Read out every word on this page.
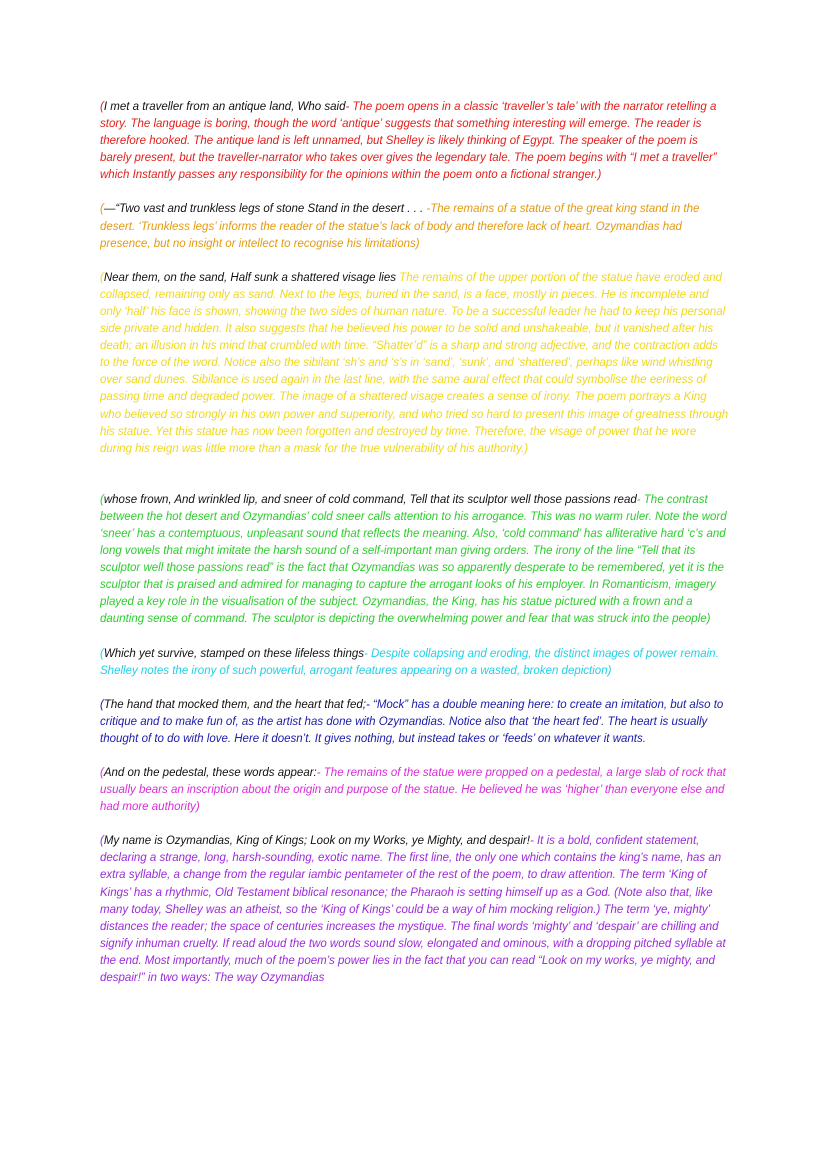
(I met a traveller from an antique land, Who said- The poem opens in a classic ‘traveller’s tale’ with the narrator retelling a story. The language is boring, though the word ‘antique’ suggests that something interesting will emerge. The reader is therefore hooked. The antique land is left unnamed, but Shelley is likely thinking of Egypt. The speaker of the poem is barely present, but the traveller-narrator who takes over gives the legendary tale. The poem begins with “I met a traveller” which Instantly passes any responsibility for the opinions within the poem onto a fictional stranger.)

(—“Two vast and trunkless legs of stone Stand in the desert . . . -The remains of a statue of the great king stand in the desert. ‘Trunkless legs’ informs the reader of the statue’s lack of body and therefore lack of heart. Ozymandias had presence, but no insight or intellect to recognise his limitations)

(Near them, on the sand, Half sunk a shattered visage lies The remains of the upper portion of the statue have eroded and collapsed, remaining only as sand. Next to the legs, buried in the sand, is a face, mostly in pieces. He is incomplete and only ‘half’ his face is shown, showing the two sides of human nature. To be a successful leader he had to keep his personal side private and hidden. It also suggests that he believed his power to be solid and unshakeable, but it vanished after his death; an illusion in his mind that crumbled with time. “Shatter’d” is a sharp and strong adjective, and the contraction adds to the force of the word. Notice also the sibilant ‘sh’s and ‘s’s in ‘sand’, ‘sunk’, and ‘shattered’, perhaps like wind whistling over sand dunes. Sibilance is used again in the last line, with the same aural effect that could symbolise the eeriness of passing time and degraded power. The image of a shattered visage creates a sense of irony. The poem portrays a King who believed so strongly in his own power and superiority, and who tried so hard to present this image of greatness through his statue. Yet this statue has now been forgotten and destroyed by time. Therefore, the visage of power that he wore during his reign was little more than a mask for the true vulnerability of his authority.)

(whose frown, And wrinkled lip, and sneer of cold command, Tell that its sculptor well those passions read- The contrast between the hot desert and Ozymandias’ cold sneer calls attention to his arrogance. This was no warm ruler. Note the word ‘sneer’ has a contemptuous, unpleasant sound that reflects the meaning. Also, ‘cold command’ has alliterative hard ‘c’s and long vowels that might imitate the harsh sound of a self-important man giving orders. The irony of the line “Tell that its sculptor well those passions read” is the fact that Ozymandias was so apparently desperate to be remembered, yet it is the sculptor that is praised and admired for managing to capture the arrogant looks of his employer. In Romanticism, imagery played a key role in the visualisation of the subject. Ozymandias, the King, has his statue pictured with a frown and a daunting sense of command. The sculptor is depicting the overwhelming power and fear that was struck into the people)

(Which yet survive, stamped on these lifeless things- Despite collapsing and eroding, the distinct images of power remain. Shelley notes the irony of such powerful, arrogant features appearing on a wasted, broken depiction)

(The hand that mocked them, and the heart that fed;- “Mock” has a double meaning here: to create an imitation, but also to critique and to make fun of, as the artist has done with Ozymandias. Notice also that ‘the heart fed’. The heart is usually thought of to do with love. Here it doesn’t. It gives nothing, but instead takes or ‘feeds’ on whatever it wants.

(And on the pedestal, these words appear:- The remains of the statue were propped on a pedestal, a large slab of rock that usually bears an inscription about the origin and purpose of the statue. He believed he was ‘higher’ than everyone else and had more authority)

(My name is Ozymandias, King of Kings; Look on my Works, ye Mighty, and despair!- It is a bold, confident statement, declaring a strange, long, harsh-sounding, exotic name. The first line, the only one which contains the king’s name, has an extra syllable, a change from the regular iambic pentameter of the rest of the poem, to draw attention. The term ‘King of Kings’ has a rhythmic, Old Testament biblical resonance; the Pharaoh is setting himself up as a God. (Note also that, like many today, Shelley was an atheist, so the ‘King of Kings’ could be a way of him mocking religion.) The term ‘ye, mighty’ distances the reader; the space of centuries increases the mystique. The final words ‘mighty’ and ‘despair’ are chilling and signify inhuman cruelty. If read aloud the two words sound slow, elongated and ominous, with a dropping pitched syllable at the end. Most importantly, much of the poem’s power lies in the fact that you can read “Look on my works, ye mighty, and despair!” in two ways: The way Ozymandias
